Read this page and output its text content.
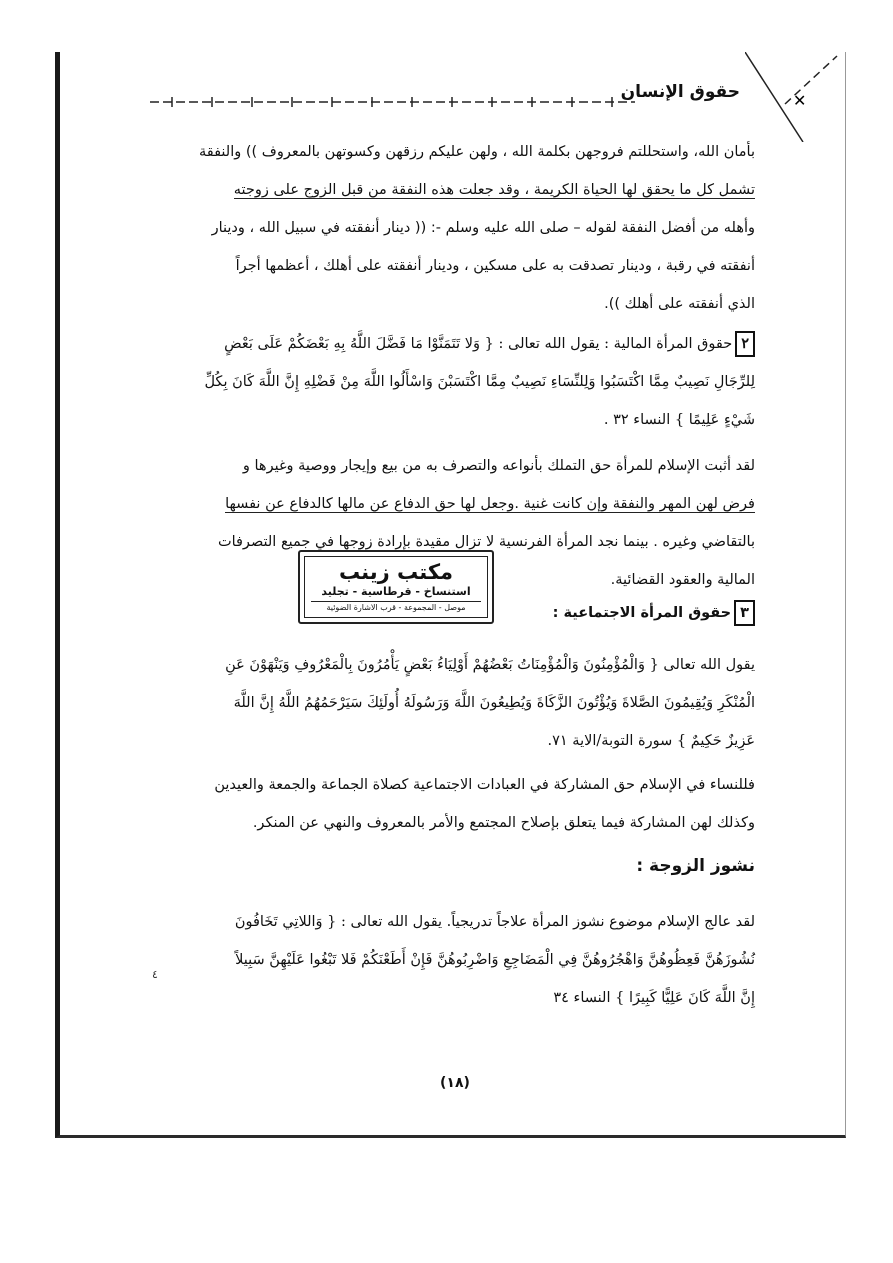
✕
حقوق الإنسان

بأمان الله، واستحللتم فروجهن بكلمة الله ، ولهن عليكم رزقهن وكسوتهن بالمعروف )) والنفقة

تشمل كل ما يحقق لها الحياة الكريمة ، وقد جعلت هذه النفقة من قبل الزوج على زوجته

وأهله من أفضل النفقة لقوله – صلى الله عليه وسلم -: (( دينار أنفقته في سبيل الله ، ودينار

أنفقته في رقبة ، ودينار تصدقت به على مسكين ، ودينار أنفقته على أهلك ، أعظمها أجراً

الذي أنفقته على أهلك )).

٢حقوق المرأة المالية : يقول الله تعالى : { وَلا تَتَمَنَّوْا مَا فَضَّلَ اللَّهُ بِهِ بَعْضَكُمْ عَلَى بَعْضٍ

لِلرِّجَالِ نَصِيبٌ مِمَّا اكْتَسَبُوا وَلِلنِّسَاءِ نَصِيبٌ مِمَّا اكْتَسَبْنَ وَاسْأَلُوا اللَّهَ مِنْ فَضْلِهِ إِنَّ اللَّهَ كَانَ بِكُلِّ

شَيْءٍ عَلِيمًا } النساء ٣٢ .

لقد أثبت الإسلام للمرأة حق التملك بأنواعه والتصرف به من بيع وإيجار ووصية وغيرها و

فرض لهن المهر والنفقة وإن كانت غنية .وجعل لها حق الدفاع عن مالها كالدفاع عن نفسها

بالتقاضي وغيره . بينما نجد المرأة الفرنسية لا تزال مقيدة بإرادة زوجها في جميع التصرفات

المالية والعقود القضائية.

مكتب زينب
استنساخ - قرطاسية - تجليد
موصل - المجموعة - قرب الاشارة الضوئية	٣حقوق المرأة الاجتماعية :

يقول الله تعالى { وَالْمُؤْمِنُونَ وَالْمُؤْمِنَاتُ بَعْضُهُمْ أَوْلِيَاءُ بَعْضٍ يَأْمُرُونَ بِالْمَعْرُوفِ وَيَنْهَوْنَ عَنِ

الْمُنْكَرِ وَيُقِيمُونَ الصَّلاةَ وَيُؤْتُونَ الزَّكَاةَ وَيُطِيعُونَ اللَّهَ وَرَسُولَهُ أُولَئِكَ سَيَرْحَمُهُمُ اللَّهُ إِنَّ اللَّهَ

عَزِيزٌ حَكِيمٌ } سورة التوبة/الاية ٧١.

فللنساء في الإسلام حق المشاركة في العبادات الاجتماعية كصلاة الجماعة والجمعة والعيدين

وكذلك لهن المشاركة فيما يتعلق بإصلاح المجتمع والأمر بالمعروف والنهي عن المنكر.

نشوز الزوجة :

لقد عالج الإسلام موضوع نشوز المرأة علاجاً تدريجياً. يقول الله تعالى : { وَاللاتِي تَخَافُونَ

نُشُوزَهُنَّ فَعِظُوهُنَّ وَاهْجُرُوهُنَّ فِي الْمَضَاجِعِ وَاضْرِبُوهُنَّ فَإِنْ أَطَعْنَكُمْ فَلا تَبْغُوا عَلَيْهِنَّ سَبِيلاً

إِنَّ اللَّهَ كَانَ عَلِيًّا كَبِيرًا } النساء ٣٤

٤
(١٨)
